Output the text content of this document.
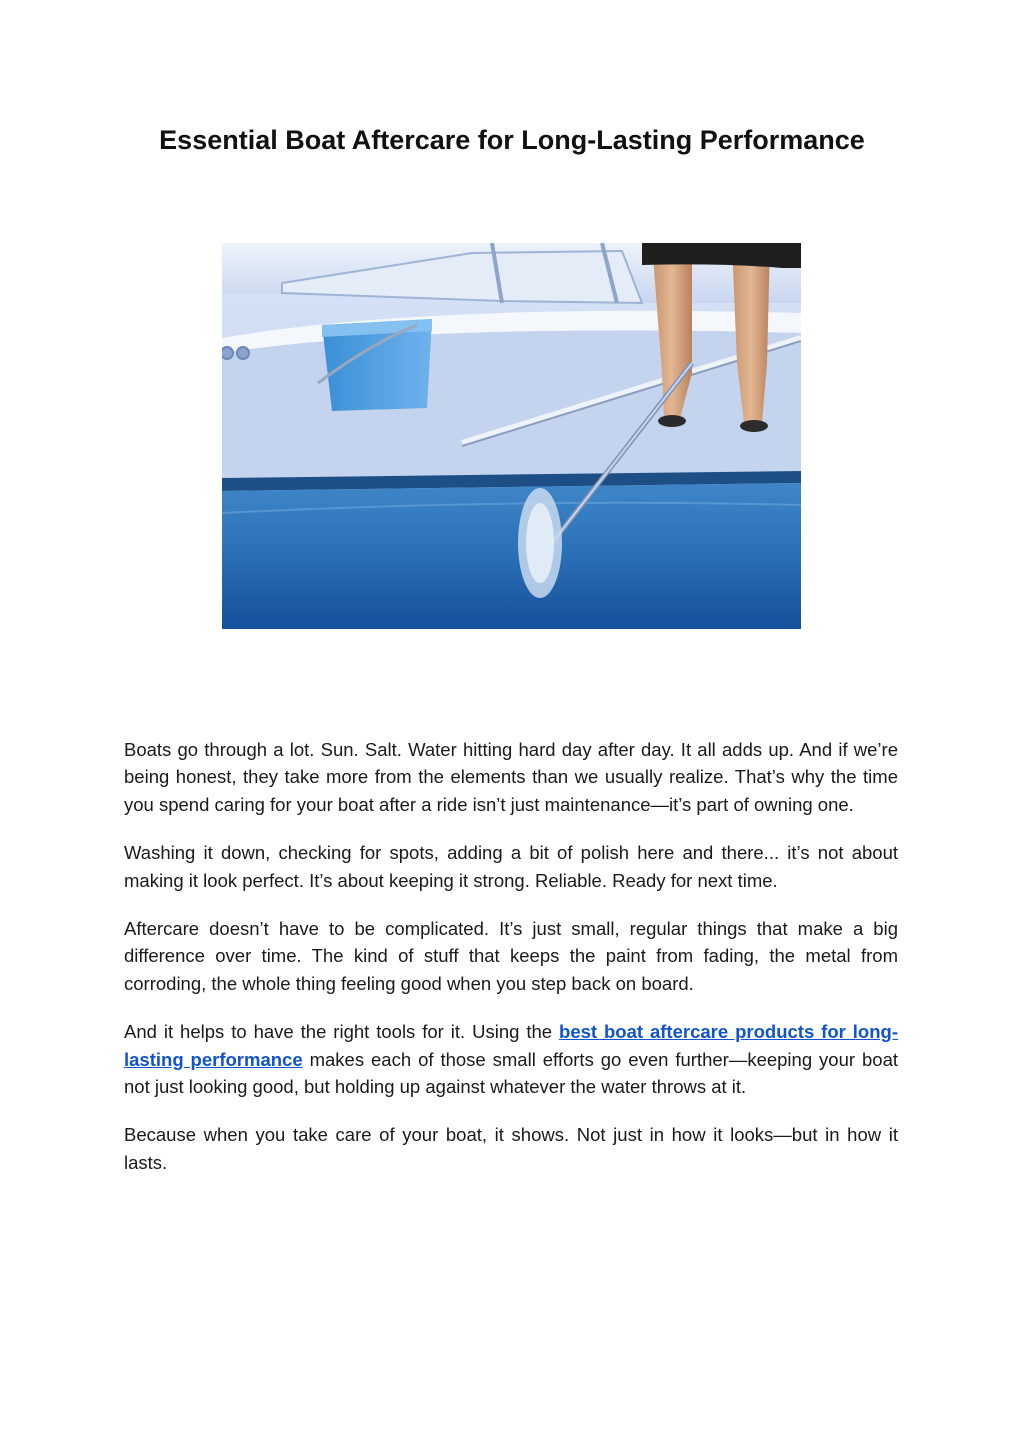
Essential Boat Aftercare for Long-Lasting Performance

Boats go through a lot. Sun. Salt. Water hitting hard day after day. It all adds up. And if we’re being honest, they take more from the elements than we usually realize. That’s why the time you spend caring for your boat after a ride isn’t just maintenance—it’s part of owning one.

Washing it down, checking for spots, adding a bit of polish here and there... it’s not about making it look perfect. It’s about keeping it strong. Reliable. Ready for next time.

Aftercare doesn’t have to be complicated. It’s just small, regular things that make a big difference over time. The kind of stuff that keeps the paint from fading, the metal from corroding, the whole thing feeling good when you step back on board.

And it helps to have the right tools for it. Using the best boat aftercare products for long-lasting performance makes each of those small efforts go even further—keeping your boat not just looking good, but holding up against whatever the water throws at it.

Because when you take care of your boat, it shows. Not just in how it looks—but in how it lasts.
